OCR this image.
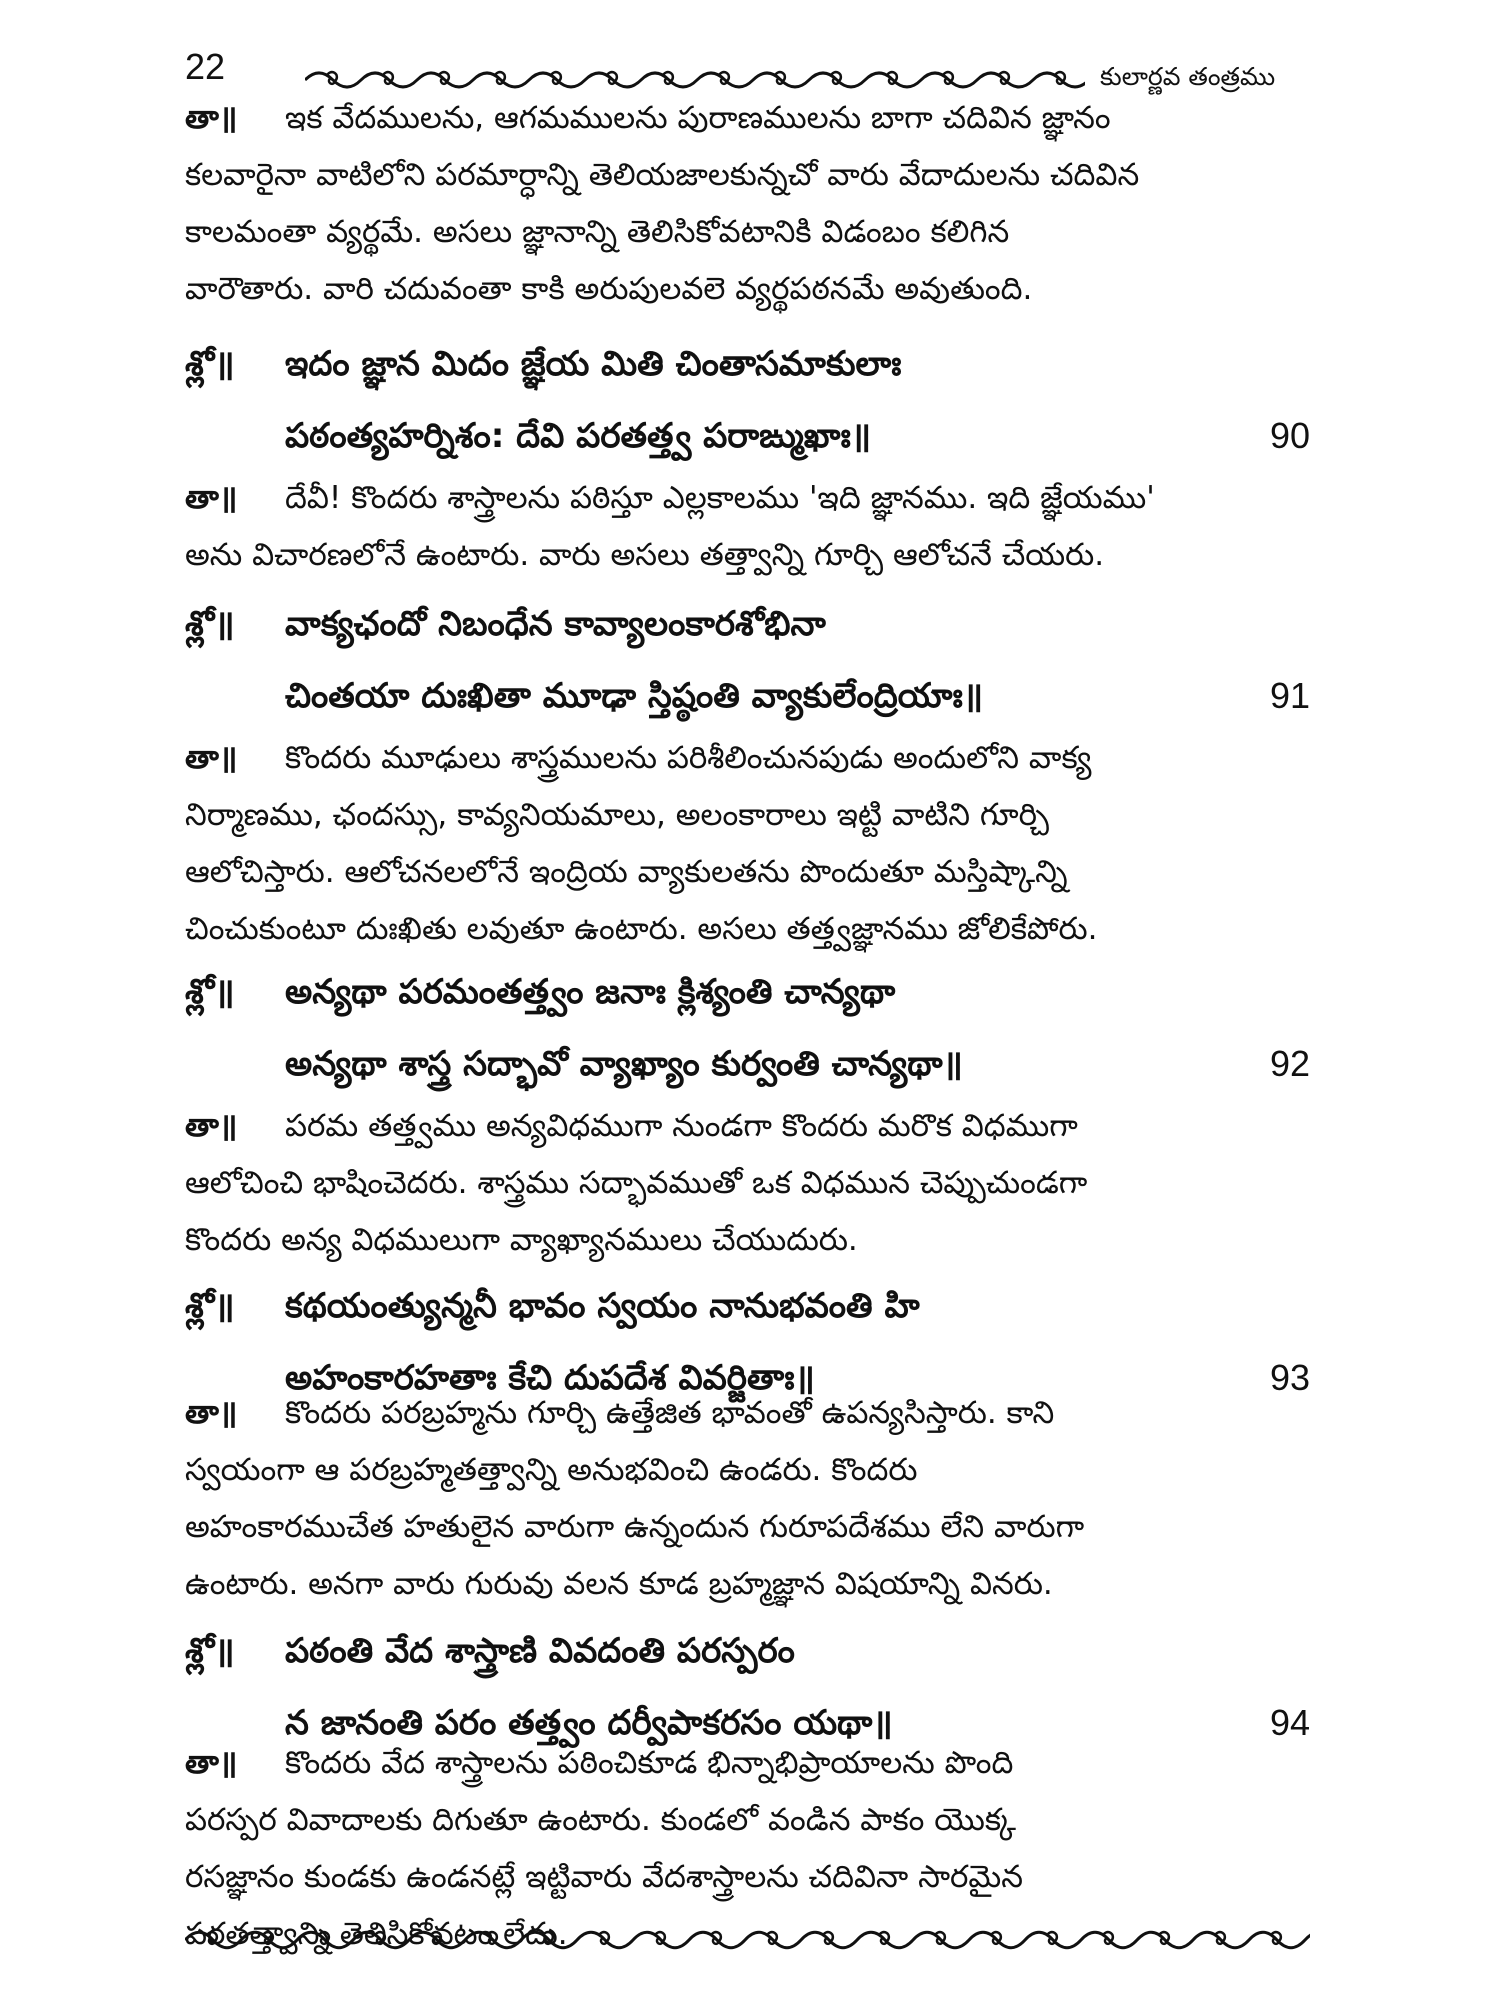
22	కులార్ణవ తంత్రము
తా॥ ఇక వేదములను, ఆగమములను పురాణములను బాగా చదివిన జ్ఞానం
కలవారైనా వాటిలోని పరమార్ధాన్ని తెలియజాలకున్నచో వారు వేదాదులను చదివిన
కాలమంతా వ్యర్థమే. అసలు జ్ఞానాన్ని తెలిసికోవటానికి విడంబం కలిగిన
వారౌతారు. వారి చదువంతా కాకి అరుపులవలె వ్యర్థపఠనమే అవుతుంది.
శ్లో॥ ఇదం జ్ఞాన మిదం జ్ఞేయ మితి చింతాసమాకులాః
పఠంత్యహర్నిశం: దేవి పరతత్త్వ పరాఙ్ముఖాః॥	90
తా॥ దేవీ! కొందరు శాస్త్రాలను పఠిస్తూ ఎల్లకాలము 'ఇది జ్ఞానము. ఇది జ్ఞేయము'
అను విచారణలోనే ఉంటారు. వారు అసలు తత్త్వాన్ని గూర్చి ఆలోచనే చేయరు.
శ్లో॥ వాక్యఛందో నిబంధేన కావ్యాలంకారశోభినా
చింతయా దుఃఖితా మూఢా స్తిష్ఠంతి వ్యాకులేంద్రియాః॥	91
తా॥ కొందరు మూఢులు శాస్త్రములను పరిశీలించునపుడు అందులోని వాక్య
నిర్మాణము, ఛందస్సు, కావ్యనియమాలు, అలంకారాలు ఇట్టి వాటిని గూర్చి
ఆలోచిస్తారు. ఆలోచనలలోనే ఇంద్రియ వ్యాకులతను పొందుతూ మస్తిష్కాన్ని
చించుకుంటూ దుఃఖితు లవుతూ ఉంటారు. అసలు తత్త్వజ్ఞానము జోలికేపోరు.
శ్లో॥ అన్యథా పరమంతత్త్వం జనాః క్లిశ్యంతి చాన్యథా
అన్యథా శాస్త్ర సద్భావో వ్యాఖ్యాం కుర్వంతి చాన్యథా॥	92
తా॥ పరమ తత్త్వము అన్యవిధముగా నుండగా కొందరు మరొక విధముగా
ఆలోచించి భాషించెదరు. శాస్త్రము సద్భావముతో ఒక విధమున చెప్పుచుండగా
కొందరు అన్య విధములుగా వ్యాఖ్యానములు చేయుదురు.
శ్లో॥ కథయంత్యున్మనీ భావం స్వయం నానుభవంతి హి
అహంకారహతాః కేచి దుపదేశ వివర్జితాః॥	93
తా॥ కొందరు పరబ్రహ్మను గూర్చి ఉత్తేజిత భావంతో ఉపన్యసిస్తారు. కాని
స్వయంగా ఆ పరబ్రహ్మతత్త్వాన్ని అనుభవించి ఉండరు. కొందరు
అహంకారముచేత హతులైన వారుగా ఉన్నందున గురూపదేశము లేని వారుగా
ఉంటారు. అనగా వారు గురువు వలన కూడ బ్రహ్మజ్ఞాన విషయాన్ని వినరు.
శ్లో॥ పఠంతి వేద శాస్త్రాణి వివదంతి పరస్పరం
న జానంతి పరం తత్త్వం దర్వీపాకరసం యథా॥	94
తా॥ కొందరు వేద శాస్త్రాలను పఠించికూడ భిన్నాభిప్రాయాలను పొంది
పరస్పర వివాదాలకు దిగుతూ ఉంటారు. కుండలో వండిన పాకం యొక్క
రసజ్ఞానం కుండకు ఉండనట్లే ఇట్టివారు వేదశాస్త్రాలను చదివినా సారమైన
పరతత్త్వాన్ని తెలిసికోవటం లేదు.
